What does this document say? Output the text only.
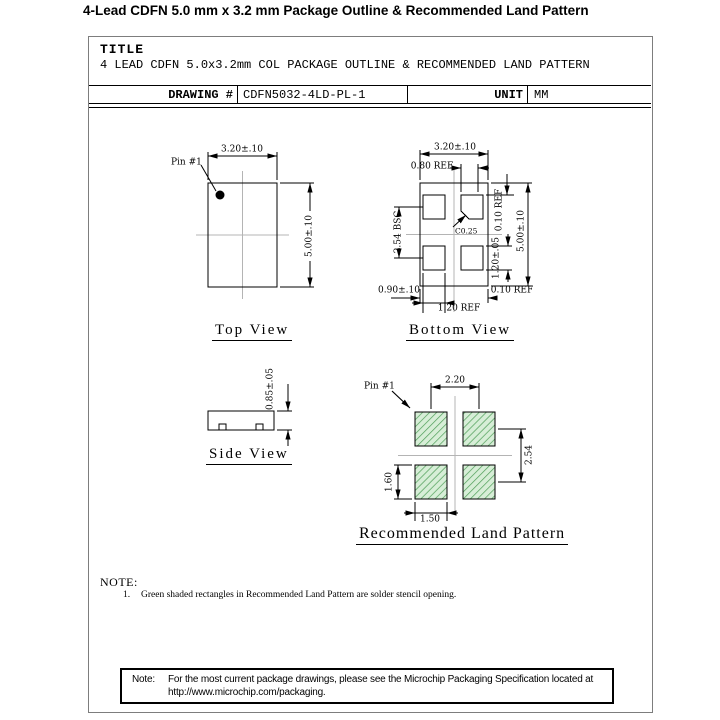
4-Lead CDFN 5.0 mm x 3.2 mm Package Outline & Recommended Land Pattern
TITLE
4 LEAD CDFN 5.0x3.2mm COL PACKAGE OUTLINE & RECOMMENDED LAND PATTERN
DRAWING # CDFN5032-4LD-PL-1	UNIT MM
Pin #1
3.20±.10
5.00±.10
Top View
3.20±.10
0.80 REF
2.54 BSC
0.10 REF 5.00±.10
1.20±.05
0.90±.10	0.10 REF
1.20 REF
C0.25
Bottom View
0.85±.05
Side View
Pin #1
2.20
2.54
1.60
1.50
Recommended Land Pattern
NOTE:
1. Green shaded rectangles in Recommended Land Pattern are solder stencil opening.
Note: For the most current package drawings, please see the Microchip Packaging Specification located at
http://www.microchip.com/packaging.
